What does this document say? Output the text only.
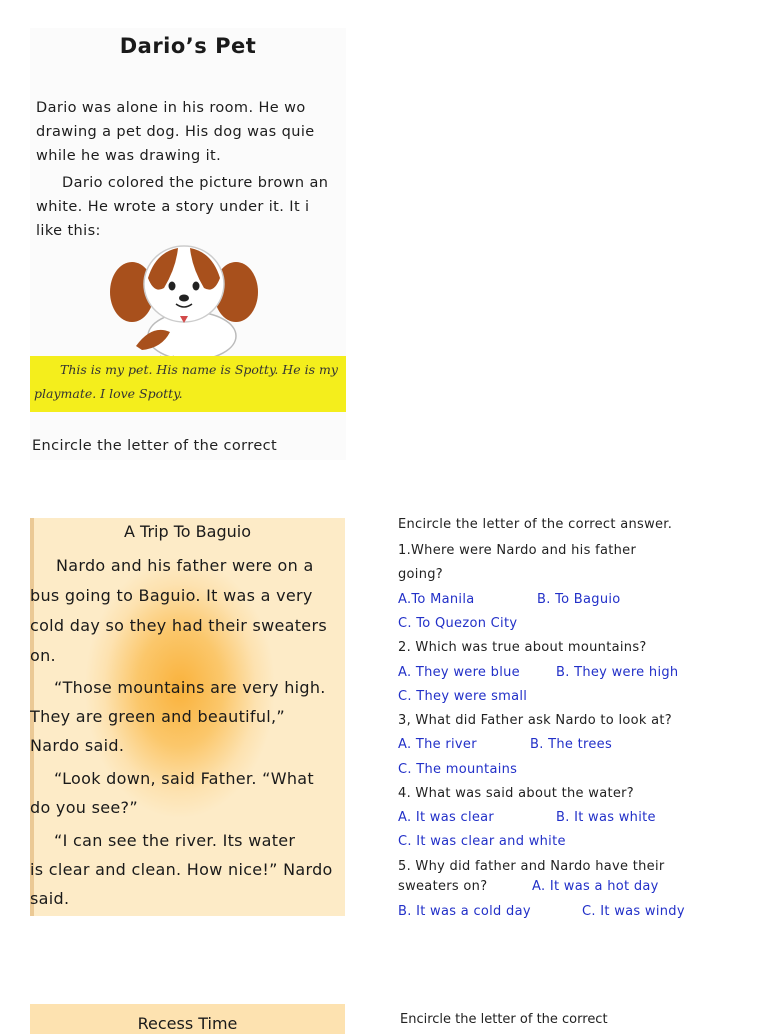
Dario’s Pet
Dario was alone in his room. He wo
drawing a pet dog. His dog was quie
while he was drawing it.
Dario colored the picture brown an
white. He wrote a story under it. It i
like this:
This is my pet. His name is Spotty. He is my
playmate. I love Spotty.
Encircle the letter of the correct
A Trip To Baguio
Nardo and his father were on a
bus going to Baguio. It was a very
cold day so they had their sweaters
on.
“Those mountains are very high.
They are green and beautiful,”
Nardo said.
“Look down, said Father. “What
do you see?”
“I can see the river. Its water
is clear and clean. How nice!” Nardo
said.
Encircle the letter of the correct answer.
1.Where were Nardo and his father
going?
A.To Manila	B. To Baguio
C. To Quezon City
2. Which was true about mountains?
A. They were blue	B. They were high
C. They were small
3, What did Father ask Nardo to look at?
A. The river	B. The trees
C. The mountains
4. What was said about the water?
A. It was clear	B. It was white
C. It was clear and white
5. Why did father and Nardo have their
sweaters on?	A. It was a hot day
B. It was a cold day	C. It was windy
Recess Time	Encircle the letter of the correct
